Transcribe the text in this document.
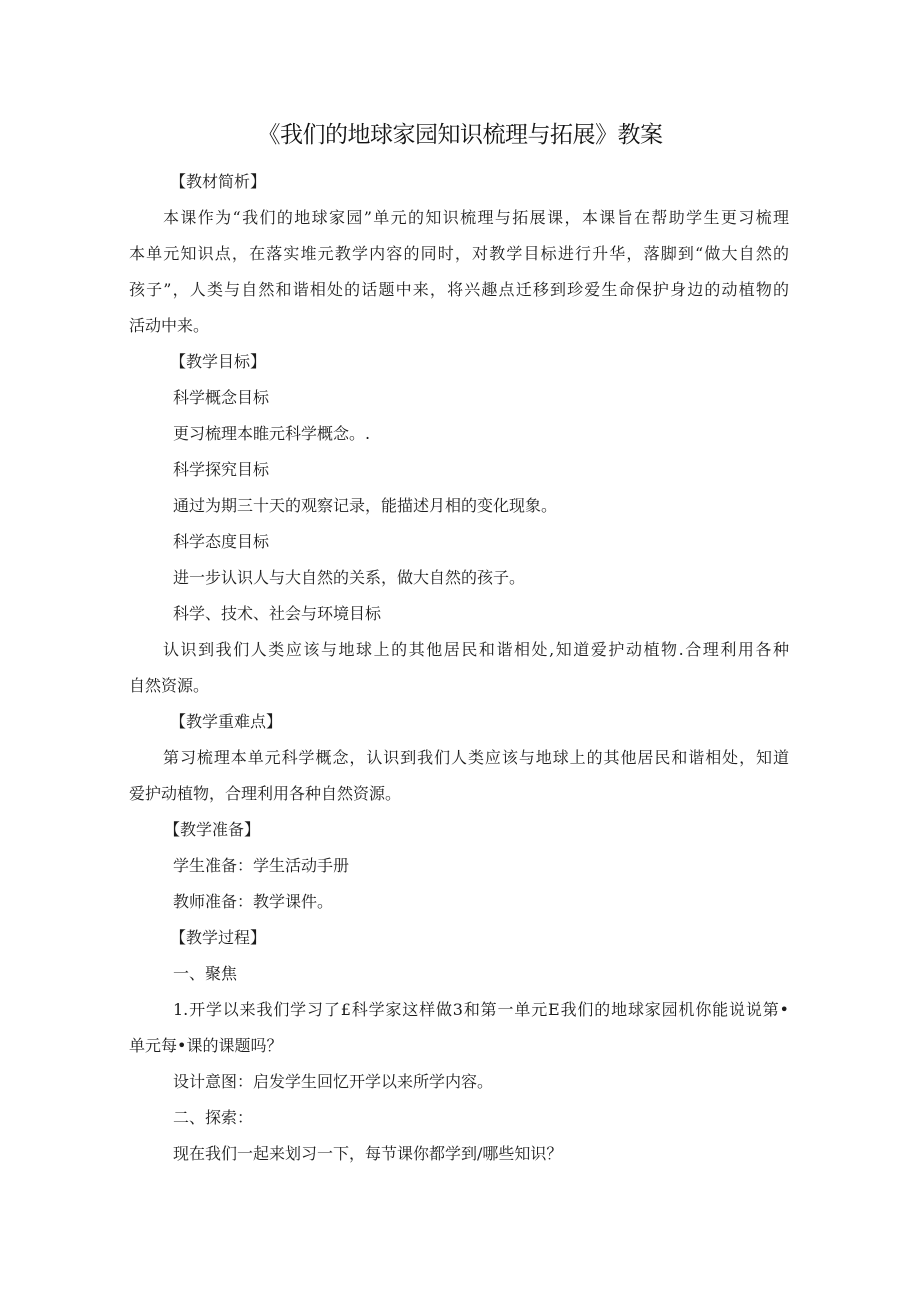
《我们的地球家园知识梳理与拓展》教案
【教材简析】
本课作为“我们的地球家园”单元的知识梳理与拓展课，本课旨在帮助学生更习梳理
本单元知识点，在落实堆元教学内容的同时，对教学目标进行升华，落脚到“做大自然的
孩子”，人类与自然和谐相处的话题中来，将兴趣点迁移到珍爱生命保护身边的动植物的
活动中来。
【教学目标】
科学概念目标
更习梳理本睢元科学概念。.
科学探究目标
通过为期三十天的观察记录，能描述月相的变化现象。
科学态度目标
进一步认识人与大自然的关系，做大自然的孩子。
科学、技术、社会与环境目标
认识到我们人类应该与地球上的其他居民和谐相处,知道爱护动植物.合理利用各种
自然资源。
【教学重难点】
第习梳理本单元科学概念，认识到我们人类应该与地球上的其他居民和谐相处，知道
爱护动植物，合理利用各种自然资源。
【教学准备】
学生准备：学生活动手册
教师准备：教学课件。
【教学过程】
一、聚焦
1.开学以来我们学习了£科学家这样做3和第一单元E我们的地球家园机你能说说第•
单元每•课的课题吗？
设计意图：启发学生回忆开学以来所学内容。
二、探索：
现在我们一起来划习一下，每节课你都学到/哪些知识？
